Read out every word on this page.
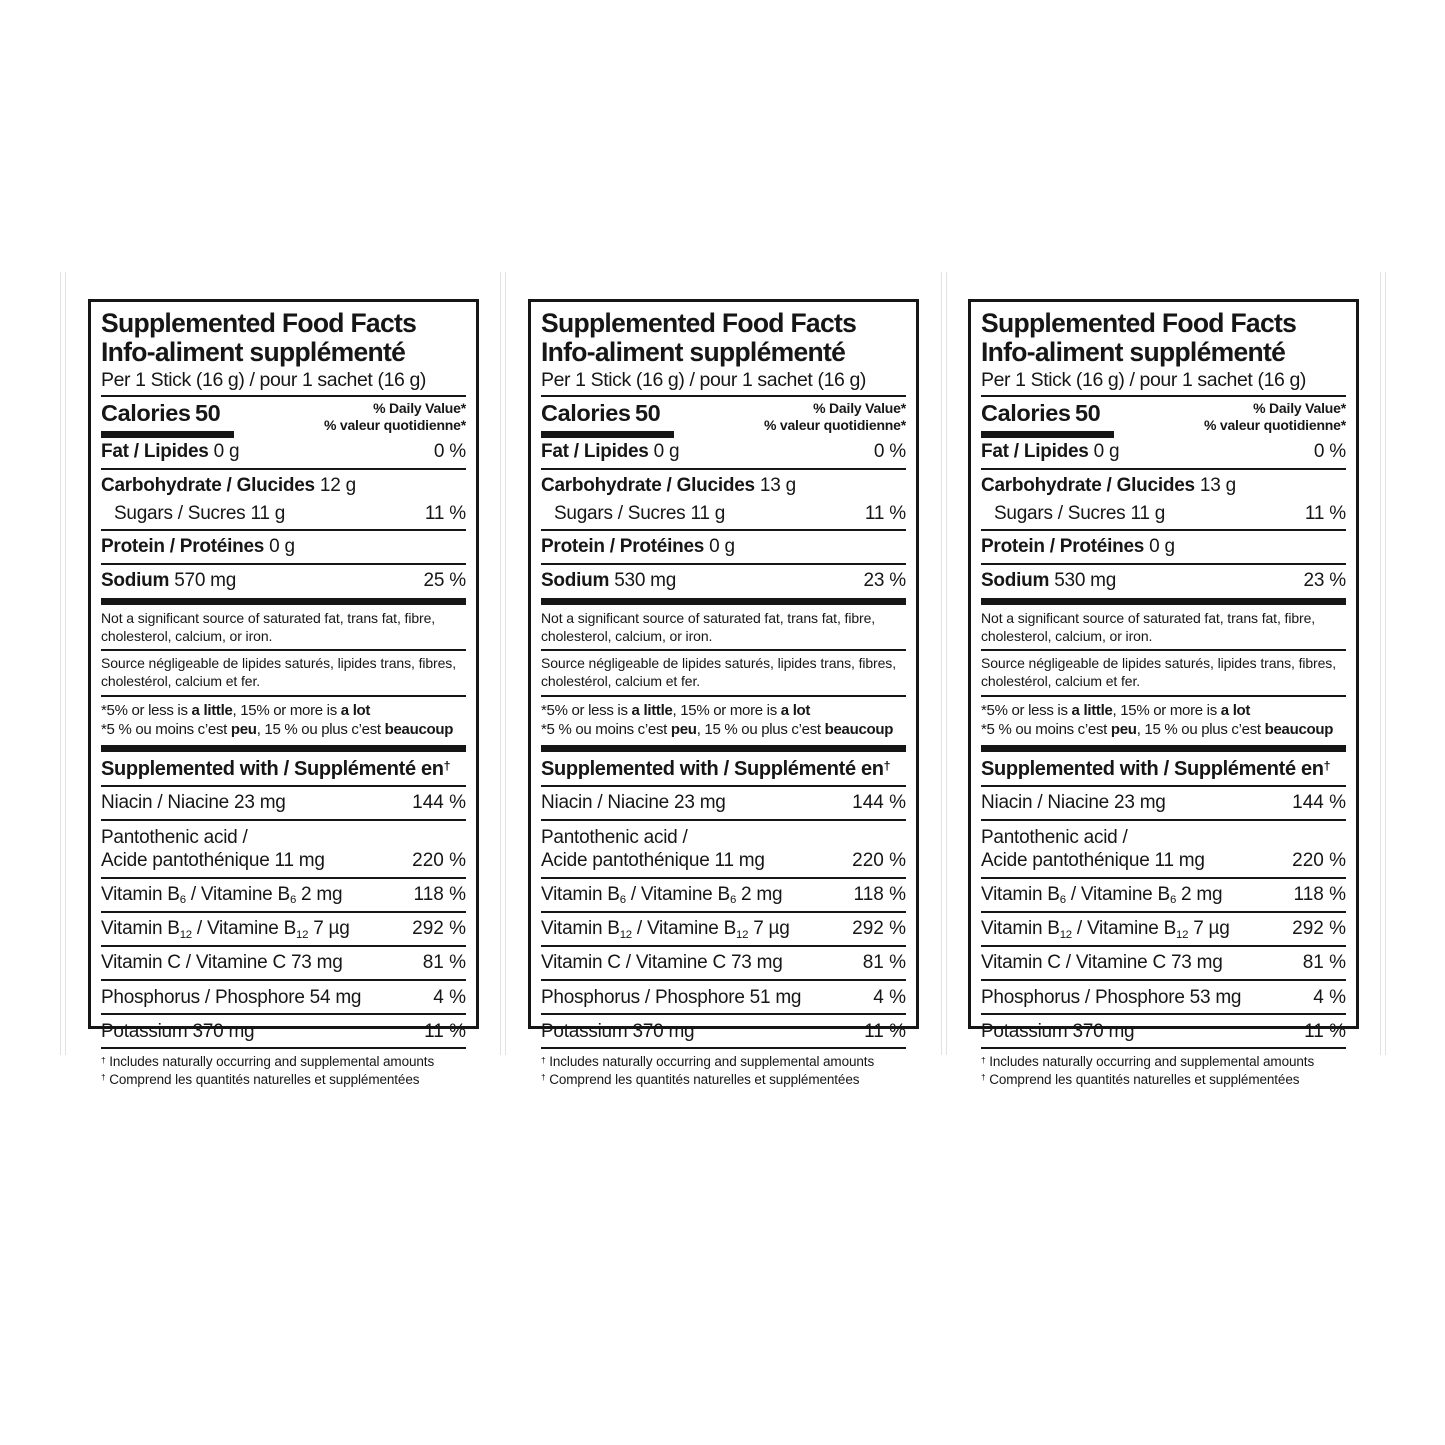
Supplemented Food Facts
Info-aliment supplémenté
Per 1 Stick (16 g) / pour 1 sachet (16 g)
Calories 50	% Daily Value*
% valeur quotidienne*
Fat / Lipides 0 g	0 %
Carbohydrate / Glucides 12 g
Sugars / Sucres 11 g	11 %
Protein / Protéines 0 g
Sodium 570 mg	25 %
Not a significant source of saturated fat, trans fat, fibre, cholesterol, calcium, or iron.
Source négligeable de lipides saturés, lipides trans, fibres, cholestérol, calcium et fer.
*5% or less is a little, 15% or more is a lot
*5 % ou moins c’est peu, 15 % ou plus c’est beaucoup
Supplemented with / Supplémenté en†
Niacin / Niacine 23 mg	144 %
Pantothenic acid /
Acide pantothénique 11 mg	220 %
Vitamin $B_6$ / Vitamine $B_6$ 2 mg	118 %
Vitamin $B_{12}$ / Vitamine $B_{12}$ 7 µg	292 %
Vitamin C / Vitamine C 73 mg	81 %
Phosphorus / Phosphore 54 mg	4 %
Potassium 370 mg	11 %
† Includes naturally occurring and supplemental amounts
† Comprend les quantités naturelles et supplémentées
Supplemented Food Facts
Info-aliment supplémenté
Per 1 Stick (16 g) / pour 1 sachet (16 g)
Calories 50	% Daily Value*
% valeur quotidienne*
Fat / Lipides 0 g	0 %
Carbohydrate / Glucides 13 g
Sugars / Sucres 11 g	11 %
Protein / Protéines 0 g
Sodium 530 mg	23 %
Not a significant source of saturated fat, trans fat, fibre, cholesterol, calcium, or iron.
Source négligeable de lipides saturés, lipides trans, fibres, cholestérol, calcium et fer.
*5% or less is a little, 15% or more is a lot
*5 % ou moins c’est peu, 15 % ou plus c’est beaucoup
Supplemented with / Supplémenté en†
Niacin / Niacine 23 mg	144 %
Pantothenic acid /
Acide pantothénique 11 mg	220 %
Vitamin $B_6$ / Vitamine $B_6$ 2 mg	118 %
Vitamin $B_{12}$ / Vitamine $B_{12}$ 7 µg	292 %
Vitamin C / Vitamine C 73 mg	81 %
Phosphorus / Phosphore 51 mg	4 %
Potassium 370 mg	11 %
† Includes naturally occurring and supplemental amounts
† Comprend les quantités naturelles et supplémentées
Supplemented Food Facts
Info-aliment supplémenté
Per 1 Stick (16 g) / pour 1 sachet (16 g)
Calories 50	% Daily Value*
% valeur quotidienne*
Fat / Lipides 0 g	0 %
Carbohydrate / Glucides 13 g
Sugars / Sucres 11 g	11 %
Protein / Protéines 0 g
Sodium 530 mg	23 %
Not a significant source of saturated fat, trans fat, fibre, cholesterol, calcium, or iron.
Source négligeable de lipides saturés, lipides trans, fibres, cholestérol, calcium et fer.
*5% or less is a little, 15% or more is a lot
*5 % ou moins c’est peu, 15 % ou plus c’est beaucoup
Supplemented with / Supplémenté en†
Niacin / Niacine 23 mg	144 %
Pantothenic acid /
Acide pantothénique 11 mg	220 %
Vitamin $B_6$ / Vitamine $B_6$ 2 mg	118 %
Vitamin $B_{12}$ / Vitamine $B_{12}$ 7 µg	292 %
Vitamin C / Vitamine C 73 mg	81 %
Phosphorus / Phosphore 53 mg	4 %
Potassium 370 mg	11 %
† Includes naturally occurring and supplemental amounts
† Comprend les quantités naturelles et supplémentées
